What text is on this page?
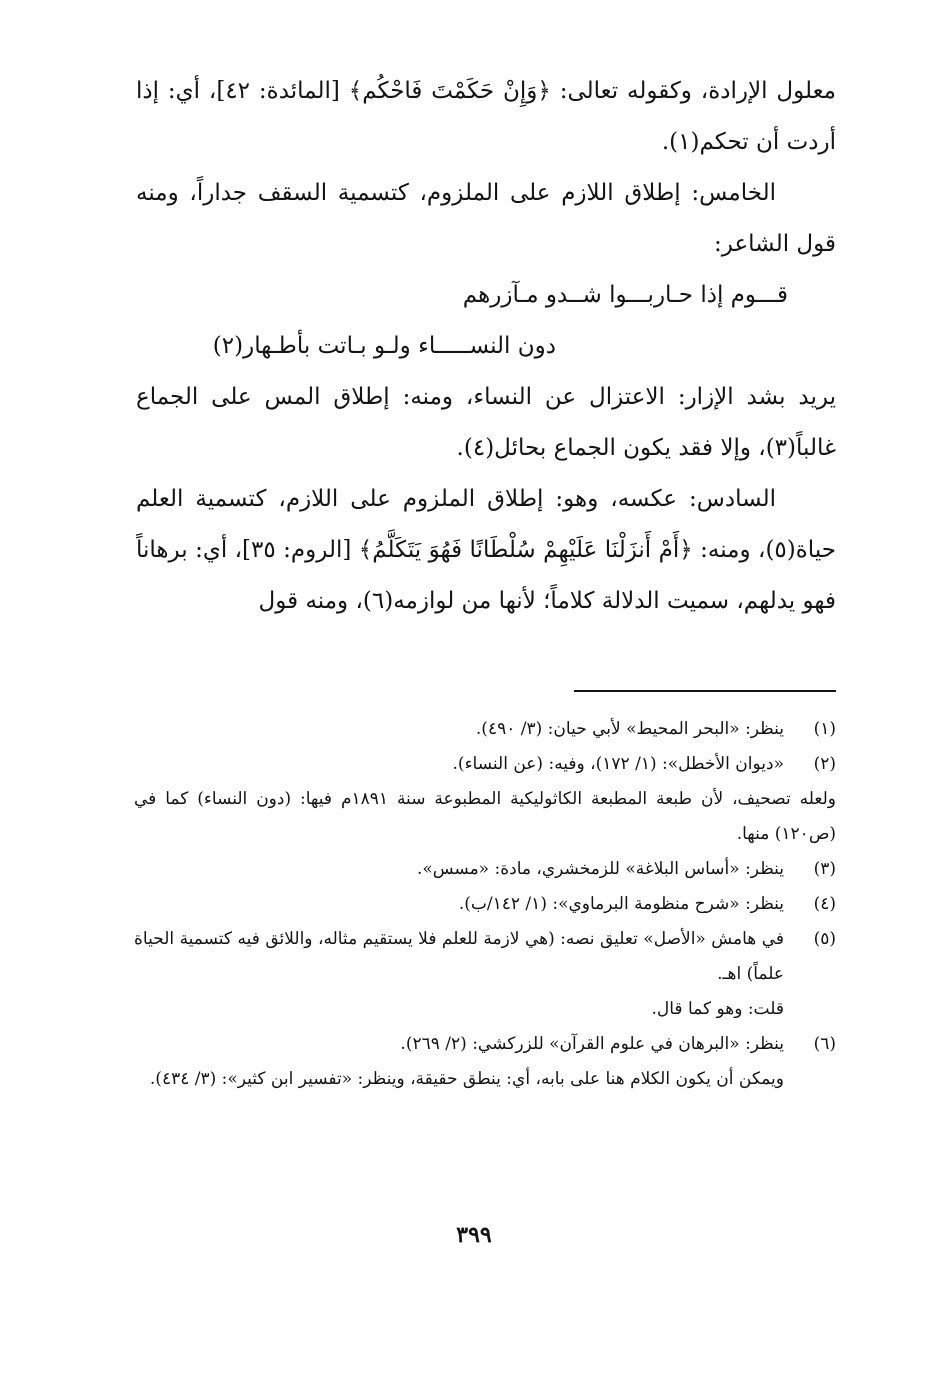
معلول الإرادة، وكقوله تعالى: ﴿وَإِنْ حَكَمْتَ فَاحْكُم﴾ [المائدة: ٤٢]، أي: إذا أردت أن تحكم(١).

الخامس: إطلاق اللازم على الملزوم، كتسمية السقف جداراً، ومنه قول الشاعر:

قـــوم إذا حـاربـــوا شــدو مـآزرهم
دون النســـــاء ولـو بـاتت بأطـهار(٢)

يريد بشد الإزار: الاعتزال عن النساء، ومنه: إطلاق المس على الجماع غالباً(٣)، وإلا فقد يكون الجماع بحائل(٤).

السادس: عكسه، وهو: إطلاق الملزوم على اللازم، كتسمية العلم حياة(٥)، ومنه: ﴿أَمْ أَنزَلْنَا عَلَيْهِمْ سُلْطَانًا فَهُوَ يَتَكَلَّمُ﴾ [الروم: ٣٥]، أي: برهاناً فهو يدلهم، سميت الدلالة كلاماً؛ لأنها من لوازمه(٦)، ومنه قول

(١)
ينظر: «البحر المحيط» لأبي حيان: (٣/ ٤٩٠).
(٢)
«ديوان الأخطل»: (١/ ١٧٢)، وفيه: (عن النساء).
ولعله تصحيف، لأن طبعة المطبعة الكاثوليكية المطبوعة سنة ١٨٩١م فيها: (دون النساء) كما في (ص١٢٠) منها.
(٣)
ينظر: «أساس البلاغة» للزمخشري، مادة: «مسس».
(٤)
ينظر: «شرح منظومة البرماوي»: (١/ ١٤٢/ب).
(٥)
في هامش «الأصل» تعليق نصه: (هي لازمة للعلم فلا يستقيم مثاله، واللائق فيه كتسمية الحياة علماً) اهـ.
قلت: وهو كما قال.
(٦)
ينظر: «البرهان في علوم القرآن» للزركشي: (٢/ ٢٦٩).
ويمكن أن يكون الكلام هنا على بابه، أي: ينطق حقيقة، وينظر: «تفسير ابن كثير»: (٣/ ٤٣٤).
٣٩٩
